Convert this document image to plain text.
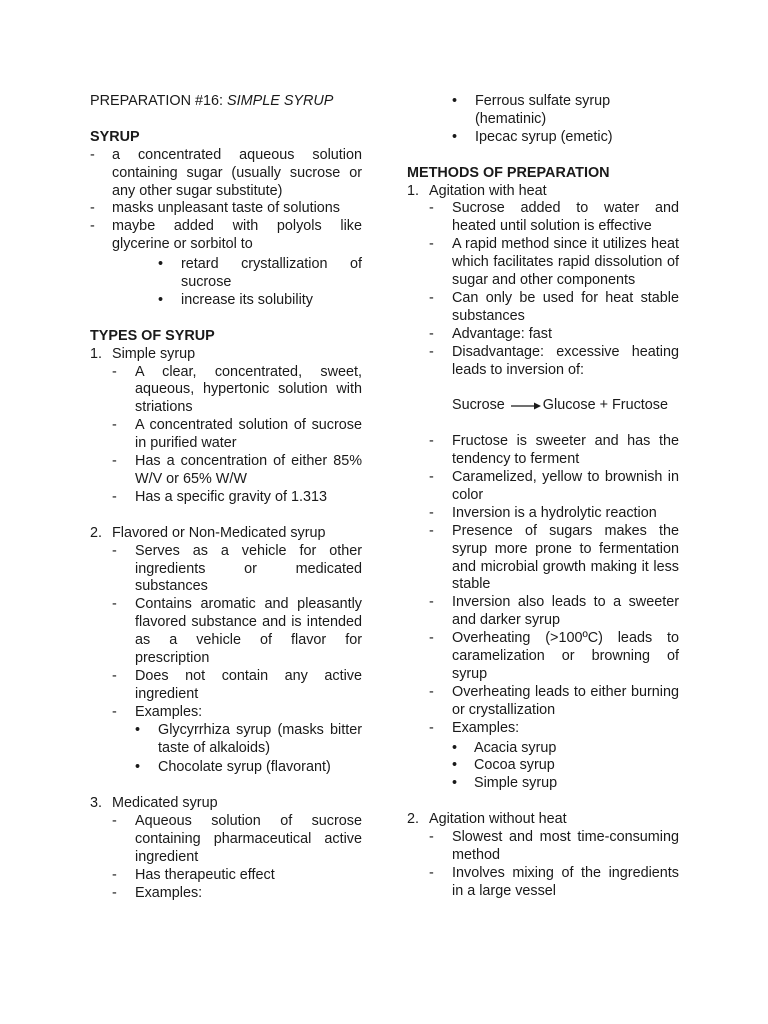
PREPARATION #16: SIMPLE SYRUP

SYRUP
-	a concentrated aqueous solution containing sugar (usually sucrose or any other sugar substitute)
-	masks unpleasant taste of solutions
-	maybe added with polyols like glycerine or sorbitol to
•	retard crystallization of sucrose
•	increase its solubility
TYPES OF SYRUP
1. Simple syrup
-	A clear, concentrated, sweet, aqueous, hypertonic solution with striations
-	A concentrated solution of sucrose in purified water
-	Has a concentration of either 85% W/V or 65% W/W
-	Has a specific gravity of 1.313
2. Flavored or Non-Medicated syrup
-	Serves as a vehicle for other ingredients or medicated substances
-	Contains aromatic and pleasantly flavored substance and is intended as a vehicle of flavor for prescription
-	Does not contain any active ingredient
-	Examples:
•	Glycyrrhiza syrup (masks bitter taste of alkaloids)
•	Chocolate syrup (flavorant)
3. Medicated syrup
-	Aqueous solution of sucrose containing pharmaceutical active ingredient
-	Has therapeutic effect
-	Examples:
•	Ferrous sulfate syrup (hematinic)
•	Ipecac syrup (emetic)
METHODS OF PREPARATION
1. Agitation with heat
-	Sucrose added to water and heated until solution is effective
-	A rapid method since it utilizes heat which facilitates rapid dissolution of sugar and other components
-	Can only be used for heat stable substances
-	Advantage: fast
-	Disadvantage: excessive heating leads to inversion of:
Sucrose	Glucose + Fructose
-	Fructose is sweeter and has the tendency to ferment
-	Caramelized, yellow to brownish in color
-	Inversion is a hydrolytic reaction
-	Presence of sugars makes the syrup more prone to fermentation and microbial growth making it less stable
-	Inversion also leads to a sweeter and darker syrup
-	Overheating (>100ºC) leads to caramelization or browning of syrup
-	Overheating leads to either burning or crystallization
-	Examples:
•	Acacia syrup
•	Cocoa syrup
•	Simple syrup
2. Agitation without heat
-	Slowest and most time-consuming method
-	Involves mixing of the ingredients in a large vessel
